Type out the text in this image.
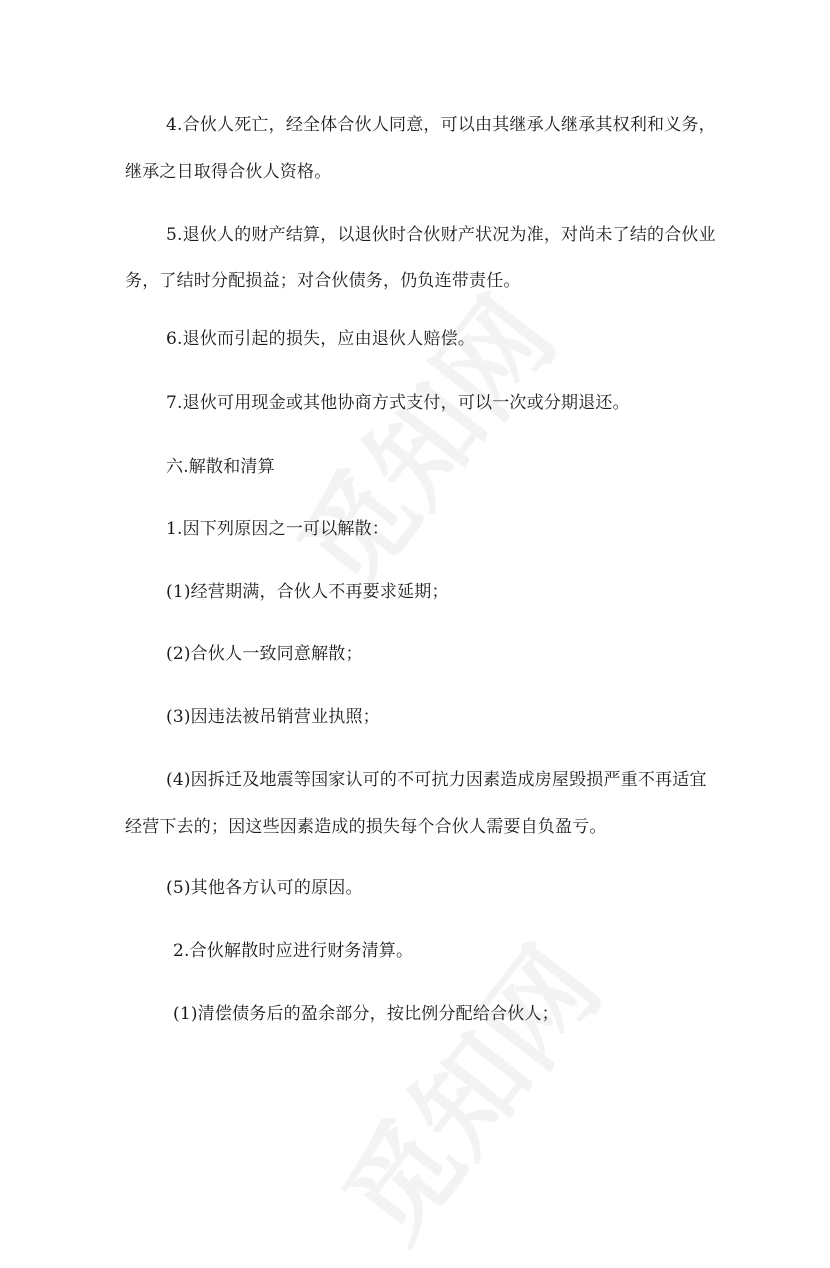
4.合伙人死亡，经全体合伙人同意，可以由其继承人继承其权利和义务，
继承之日取得合伙人资格。
5.退伙人的财产结算，以退伙时合伙财产状况为准，对尚未了结的合伙业
务，了结时分配损益；对合伙债务，仍负连带责任。
6.退伙而引起的损失，应由退伙人赔偿。
7.退伙可用现金或其他协商方式支付，可以一次或分期退还。
六.解散和清算
1.因下列原因之一可以解散：
(1)经营期满，合伙人不再要求延期；
(2)合伙人一致同意解散；
(3)因违法被吊销营业执照；
(4)因拆迁及地震等国家认可的不可抗力因素造成房屋毁损严重不再适宜
经营下去的；因这些因素造成的损失每个合伙人需要自负盈亏。
(5)其他各方认可的原因。
2.合伙解散时应进行财务清算。
(1)清偿债务后的盈余部分，按比例分配给合伙人；
